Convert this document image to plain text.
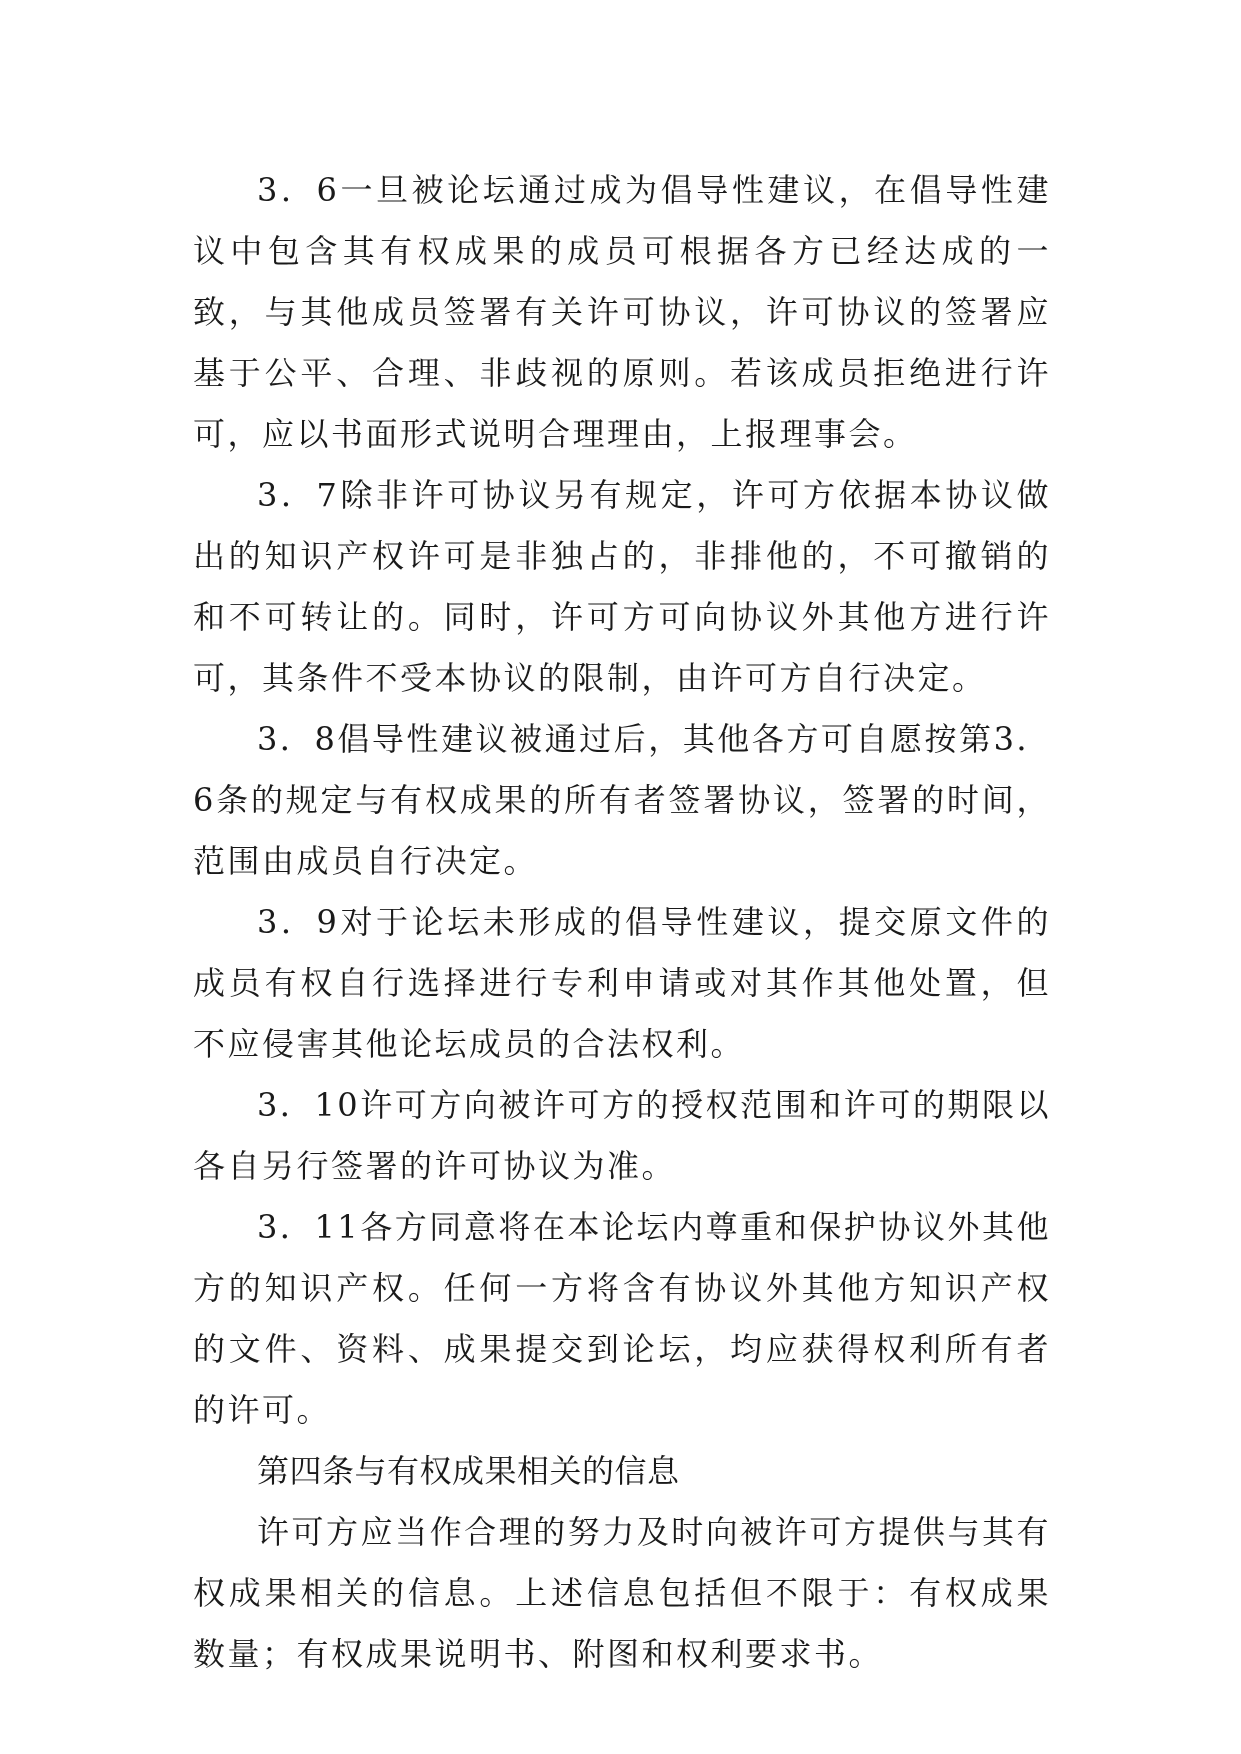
3．6一旦被论坛通过成为倡导性建议，在倡导性建议中包含其有权成果的成员可根据各方已经达成的一致，与其他成员签署有关许可协议，许可协议的签署应基于公平、合理、非歧视的原则。若该成员拒绝进行许可，应以书面形式说明合理理由，上报理事会。

3．7除非许可协议另有规定，许可方依据本协议做出的知识产权许可是非独占的，非排他的，不可撤销的和不可转让的。同时，许可方可向协议外其他方进行许可，其条件不受本协议的限制，由许可方自行决定。

3．8倡导性建议被通过后，其他各方可自愿按第3．6条的规定与有权成果的所有者签署协议，签署的时间，范围由成员自行决定。

3．9对于论坛未形成的倡导性建议，提交原文件的成员有权自行选择进行专利申请或对其作其他处置，但不应侵害其他论坛成员的合法权利。

3．10许可方向被许可方的授权范围和许可的期限以各自另行签署的许可协议为准。

3．11各方同意将在本论坛内尊重和保护协议外其他方的知识产权。任何一方将含有协议外其他方知识产权的文件、资料、成果提交到论坛，均应获得权利所有者的许可。

第四条与有权成果相关的信息

许可方应当作合理的努力及时向被许可方提供与其有权成果相关的信息。上述信息包括但不限于：有权成果数量；有权成果说明书、附图和权利要求书。
